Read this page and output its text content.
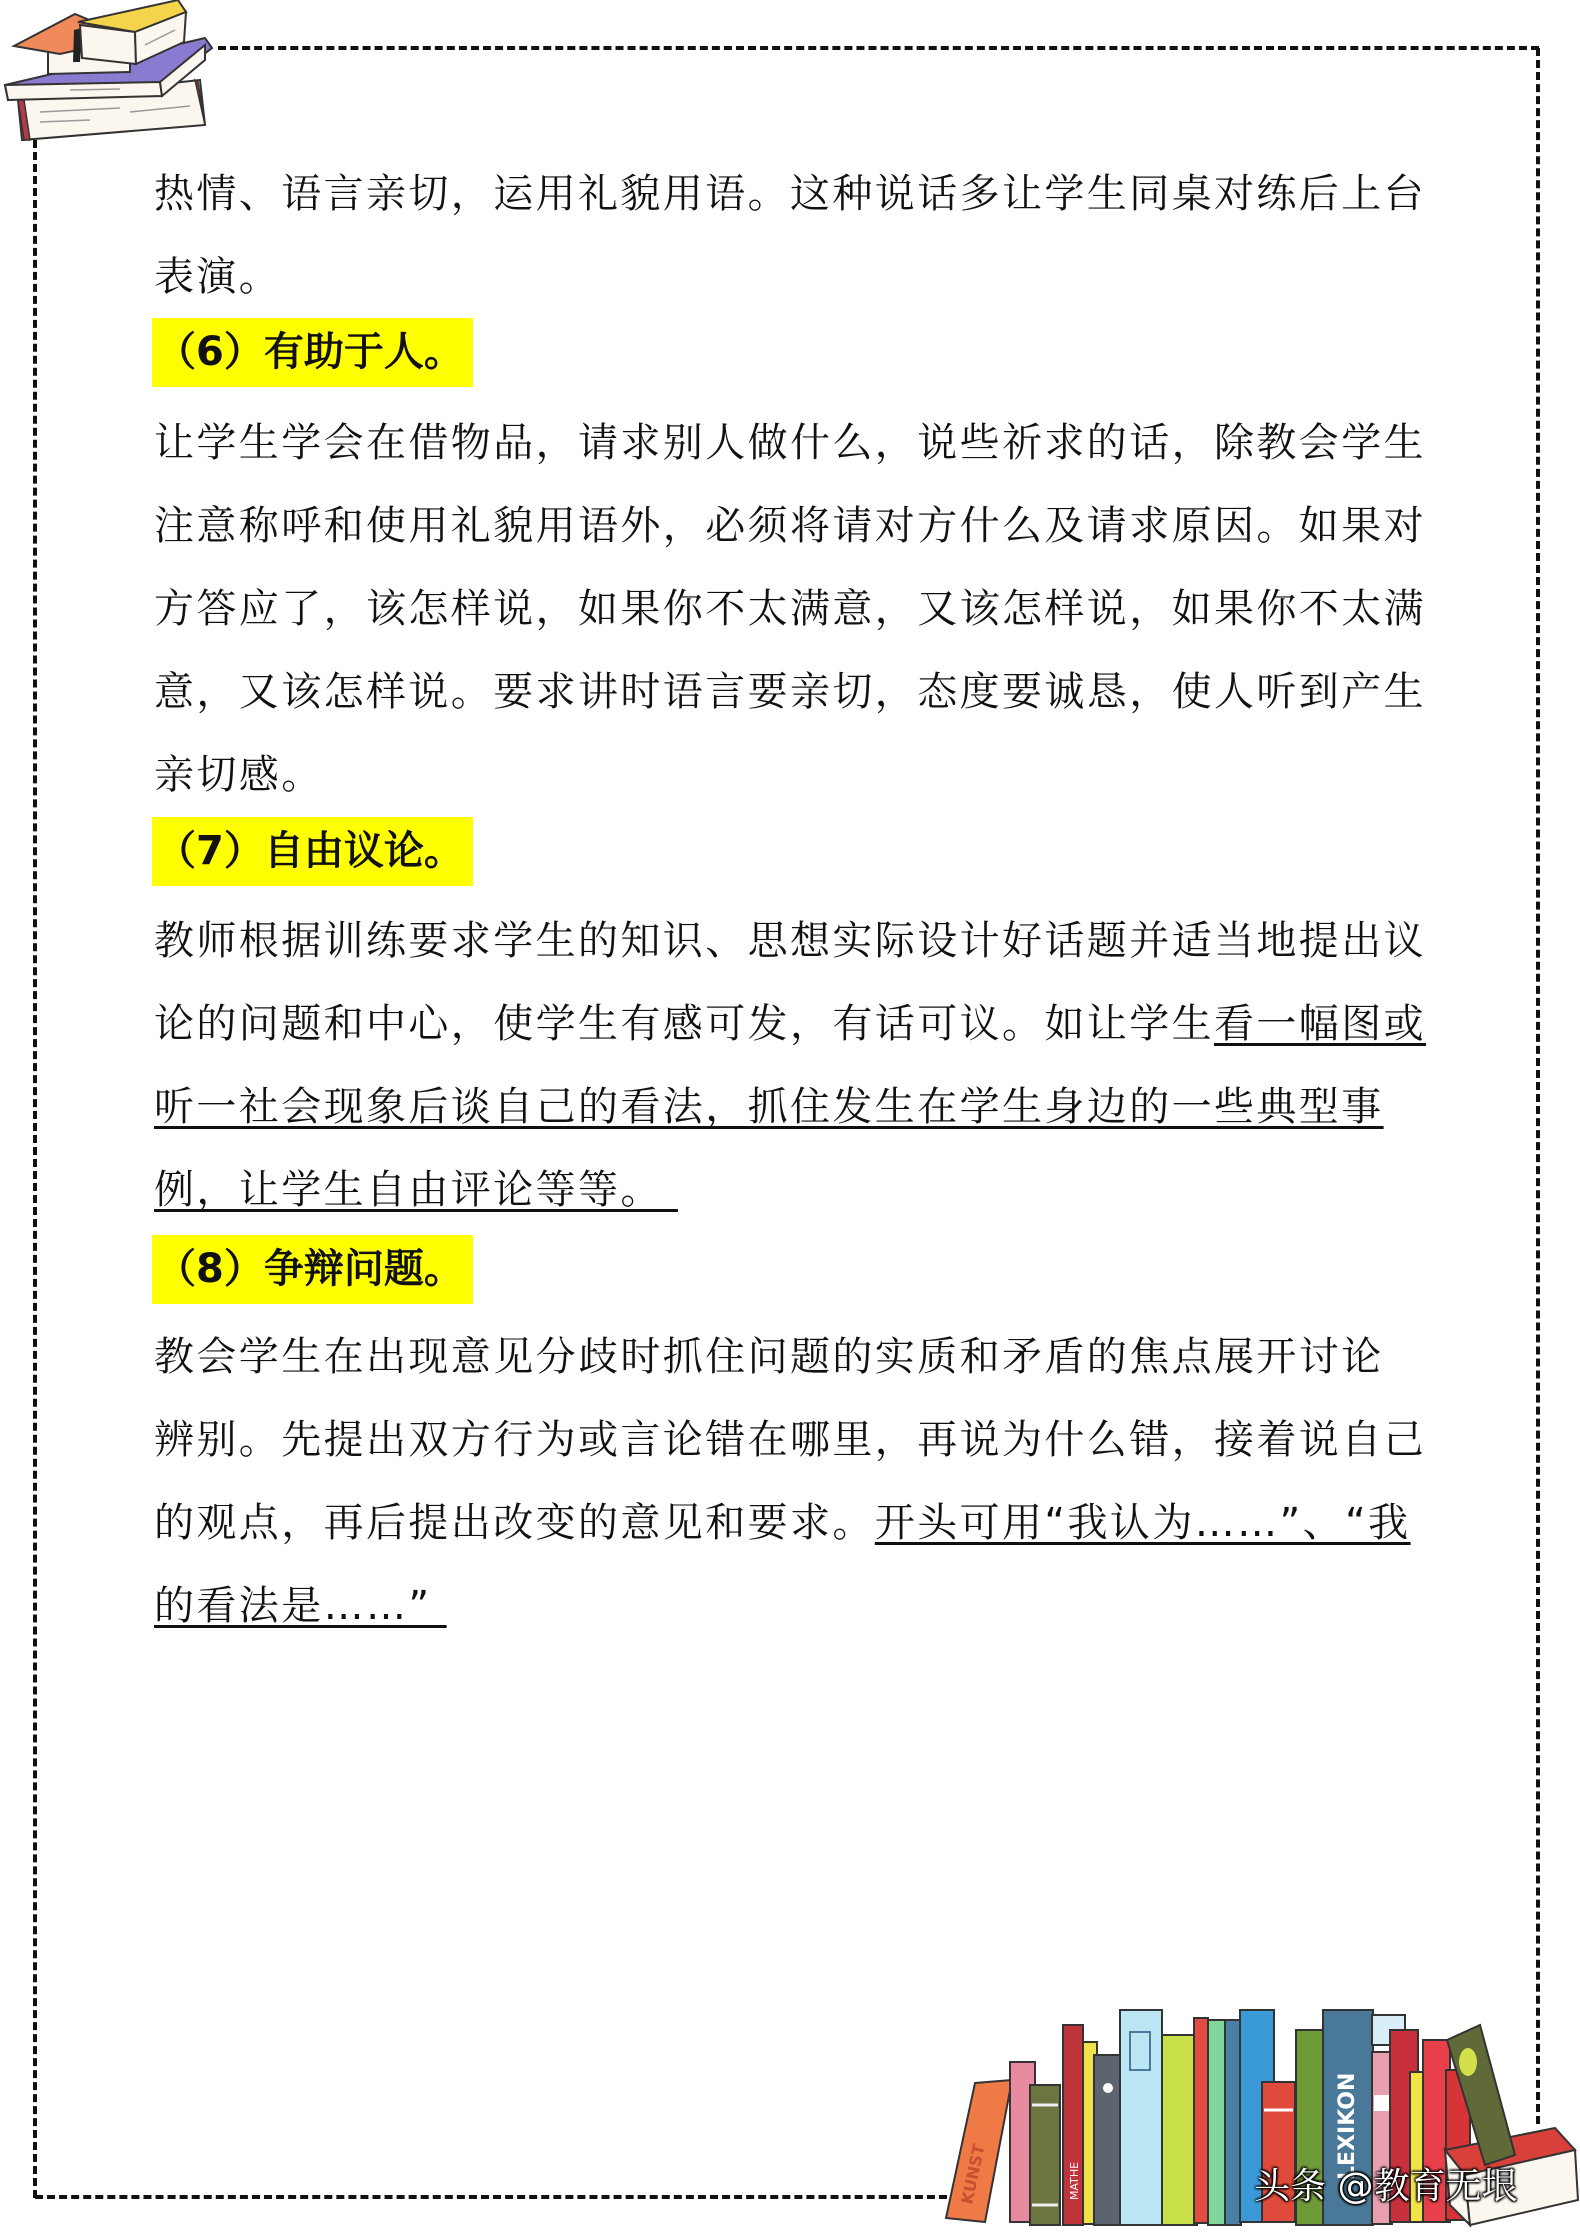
热情、语言亲切，运用礼貌用语。这种说话多让学生同桌对练后上台
表演。
（6）有助于人。
让学生学会在借物品，请求别人做什么，说些祈求的话，除教会学生
注意称呼和使用礼貌用语外，必须将请对方什么及请求原因。如果对
方答应了，该怎样说，如果你不太满意，又该怎样说，如果你不太满
意，又该怎样说。要求讲时语言要亲切，态度要诚恳，使人听到产生
亲切感。
（7）自由议论。
教师根据训练要求学生的知识、思想实际设计好话题并适当地提出议
论的问题和中心，使学生有感可发，有话可议。如让学生看一幅图或
听一社会现象后谈自己的看法，抓住发生在学生身边的一些典型事
例，让学生自由评论等等。
（8）争辩问题。
教会学生在出现意见分歧时抓住问题的实质和矛盾的焦点展开讨论
辨别。先提出双方行为或言论错在哪里，再说为什么错，接着说自己
的观点，再后提出改变的意见和要求。开头可用“我认为……”、“我
的看法是……”
KUNST	MATHE
LEXIKON
头条 @教育无垠
